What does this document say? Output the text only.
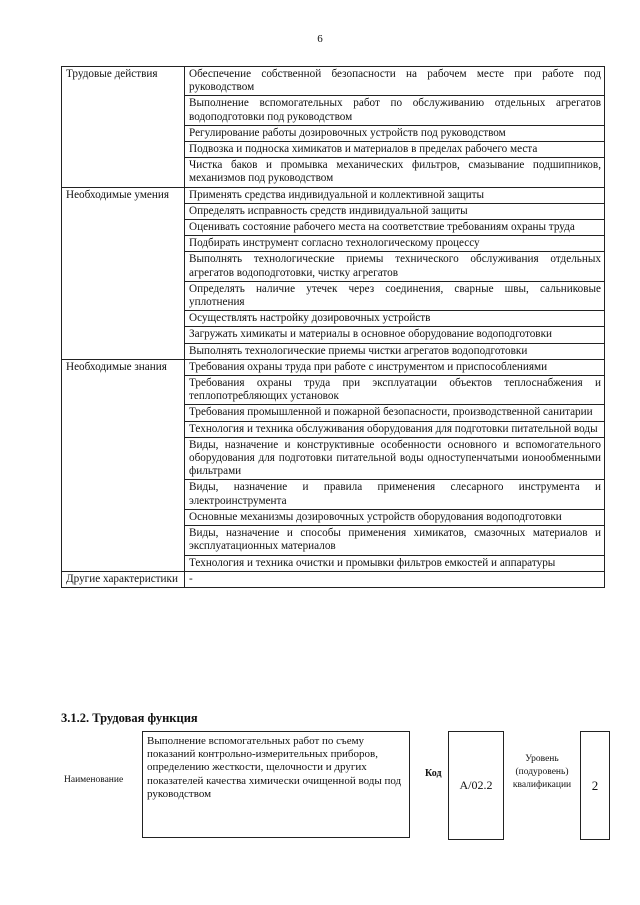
6
Трудовые действия	Обеспечение собственной безопасности на рабочем месте при работе под руководством
	Выполнение вспомогательных работ по обслуживанию отдельных агрегатов водоподготовки под руководством
	Регулирование работы дозировочных устройств под руководством
	Подвозка и подноска химикатов и материалов в пределах рабочего места
	Чистка баков и промывка механических фильтров, смазывание подшипников, механизмов под руководством
Необходимые умения	Применять средства индивидуальной и коллективной защиты
	Определять исправность средств индивидуальной защиты
	Оценивать состояние рабочего места на соответствие требованиям охраны труда
	Подбирать инструмент согласно технологическому процессу
	Выполнять технологические приемы технического обслуживания отдельных агрегатов водоподготовки, чистку агрегатов
	Определять наличие утечек через соединения, сварные швы, сальниковые уплотнения
	Осуществлять настройку дозировочных устройств
	Загружать химикаты и материалы в основное оборудование водоподготовки
	Выполнять технологические приемы чистки агрегатов водоподготовки
Необходимые знания	Требования охраны труда при работе с инструментом и приспособлениями
	Требования охраны труда при эксплуатации объектов теплоснабжения и теплопотребляющих установок
	Требования промышленной и пожарной безопасности, производственной санитарии
	Технология и техника обслуживания оборудования для подготовки питательной воды
	Виды, назначение и конструктивные особенности основного и вспомогательного оборудования для подготовки питательной воды одноступенчатыми ионообменными фильтрами
	Виды, назначение и правила применения слесарного инструмента и электроинструмента
	Основные механизмы дозировочных устройств оборудования водоподготовки
	Виды, назначение и способы применения химикатов, смазочных материалов и эксплуатационных материалов
	Технология и техника очистки и промывки фильтров емкостей и аппаратуры
Другие характеристики	-
3.1.2. Трудовая функция
Наименование
Выполнение вспомогательных работ по съему показаний контрольно-измерительных приборов, определению жесткости, щелочности и других показателей качества химически очищенной воды под руководством
Код
А/02.2
Уровень (подуровень) квалификации	2
